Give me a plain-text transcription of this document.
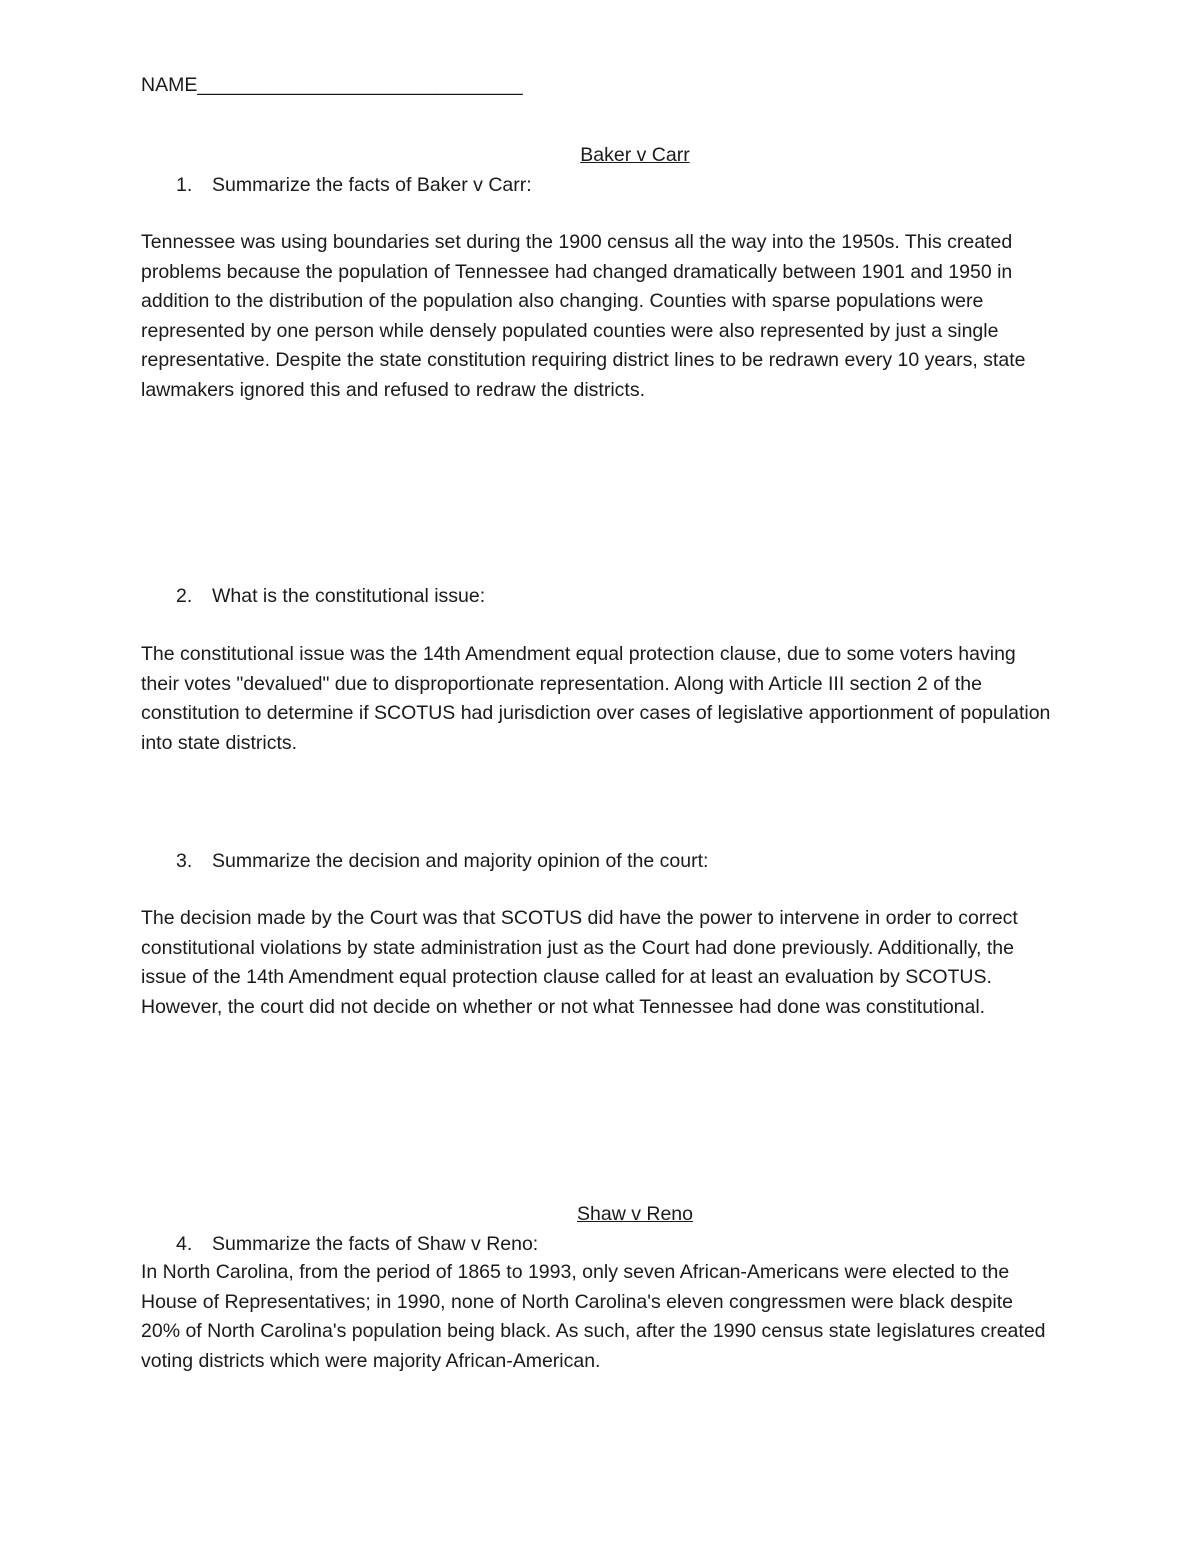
NAME______________________________
Baker v Carr
1. Summarize the facts of Baker v Carr:
Tennessee was using boundaries set during the 1900 census all the way into the 1950s. This created problems because the population of Tennessee had changed dramatically between 1901 and 1950 in addition to the distribution of the population also changing. Counties with sparse populations were represented by one person while densely populated counties were also represented by just a single representative. Despite the state constitution requiring district lines to be redrawn every 10 years, state lawmakers ignored this and refused to redraw the districts.
2. What is the constitutional issue:
The constitutional issue was the 14th Amendment equal protection clause, due to some voters having their votes "devalued" due to disproportionate representation. Along with Article III section 2 of the constitution to determine if SCOTUS had jurisdiction over cases of legislative apportionment of population into state districts.
3. Summarize the decision and majority opinion of the court:
The decision made by the Court was that SCOTUS did have the power to intervene in order to correct constitutional violations by state administration just as the Court had done previously. Additionally, the issue of the 14th Amendment equal protection clause called for at least an evaluation by SCOTUS. However, the court did not decide on whether or not what Tennessee had done was constitutional.
Shaw v Reno
4. Summarize the facts of Shaw v Reno:
In North Carolina, from the period of 1865 to 1993, only seven African-Americans were elected to the House of Representatives; in 1990, none of North Carolina's eleven congressmen were black despite 20% of North Carolina's population being black. As such, after the 1990 census state legislatures created voting districts which were majority African-American.
